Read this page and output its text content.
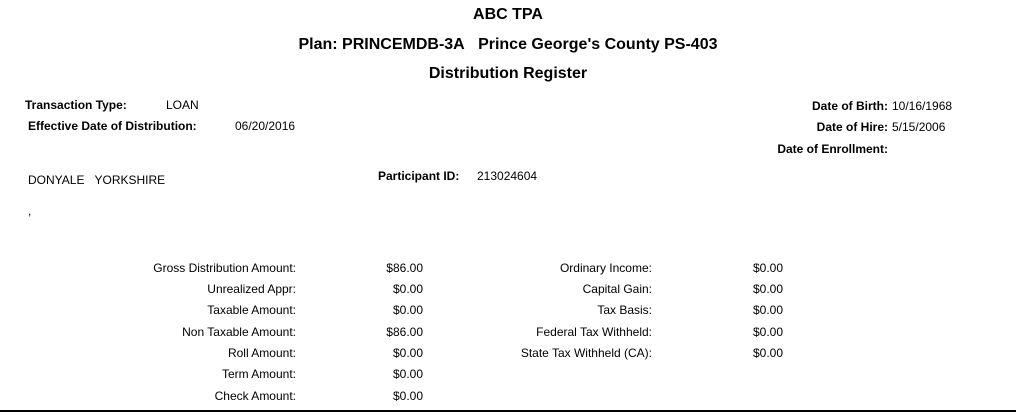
ABC TPA
Plan: PRINCEMDB-3A Prince George's County PS-403
Distribution Register
Transaction Type:	LOAN
Effective Date of Distribution:	06/20/2016
Date of Birth: 10/16/1968
Date of Hire: 5/15/2006
Date of Enrollment:
DONYALE YORKSHIRE
,
Participant ID: 213024604
Gross Distribution Amount:	$86.00
Unrealized Appr:	$0.00
Taxable Amount:	$0.00
Non Taxable Amount:	$86.00
Roll Amount:	$0.00
Term Amount:	$0.00
Check Amount:	$0.00
Ordinary Income:	$0.00
Capital Gain:	$0.00
Tax Basis:	$0.00
Federal Tax Withheld:	$0.00
State Tax Withheld (CA):	$0.00
